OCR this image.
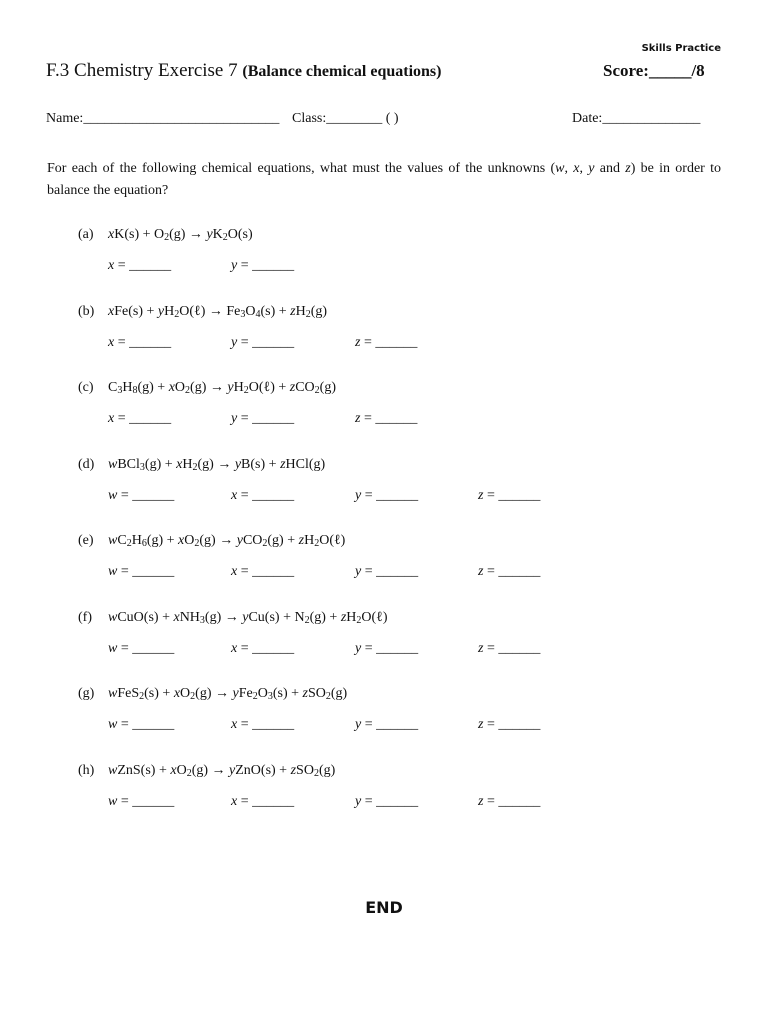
Skills Practice
F.3 Chemistry Exercise 7 (Balance chemical equations)	Score:_____/8
Name:____________________________ Class:________ ( )	Date:______________
For each of the following chemical equations, what must the values of the unknowns (w, x, y and z) be in order to balance the equation?
(a) $xK(s) + O_2(g) \to yK_2O(s)$
x = ______	y = ______
(b) $xFe(s) + yH_2O(\ell) \to Fe_3O_4(s) + zH_2(g)$
x = ______	y = ______	z = ______
(c) $C_3H_8(g) + xO_2(g)$ → $yH_2O(\ell) + zCO_2(g)$
x = ______	y = ______	z = ______
(d) wBCl$_3$(g) + $xH_2(g) \to yB(s)$ + zHCl(g)
w = ______	x = ______	y = ______	z = ______
(e) $wC_2H_6(g) + xO_2(g) \to yCO_2(g)$ + $zH_2O(\ell)$
w = ______	x = ______	y = ______	z = ______
(f) wCuO(s) + $xNH_3(g) \to yCu(s) + N_2(g)$ + $zH_2O(\ell)$
w = ______	x = ______	y = ______	z = ______
(g) wFeS$_2$(s) + $xO_2(g) \to yFe_2O_3(s) + zSO_2(g)$
w = ______	x = ______	y = ______	z = ______
(h) wZnS(s) + $xO_2(g)$ → yZnO(s) + zSO$_2$(g)
w = ______	x = ______	y = ______	z = ______
END
